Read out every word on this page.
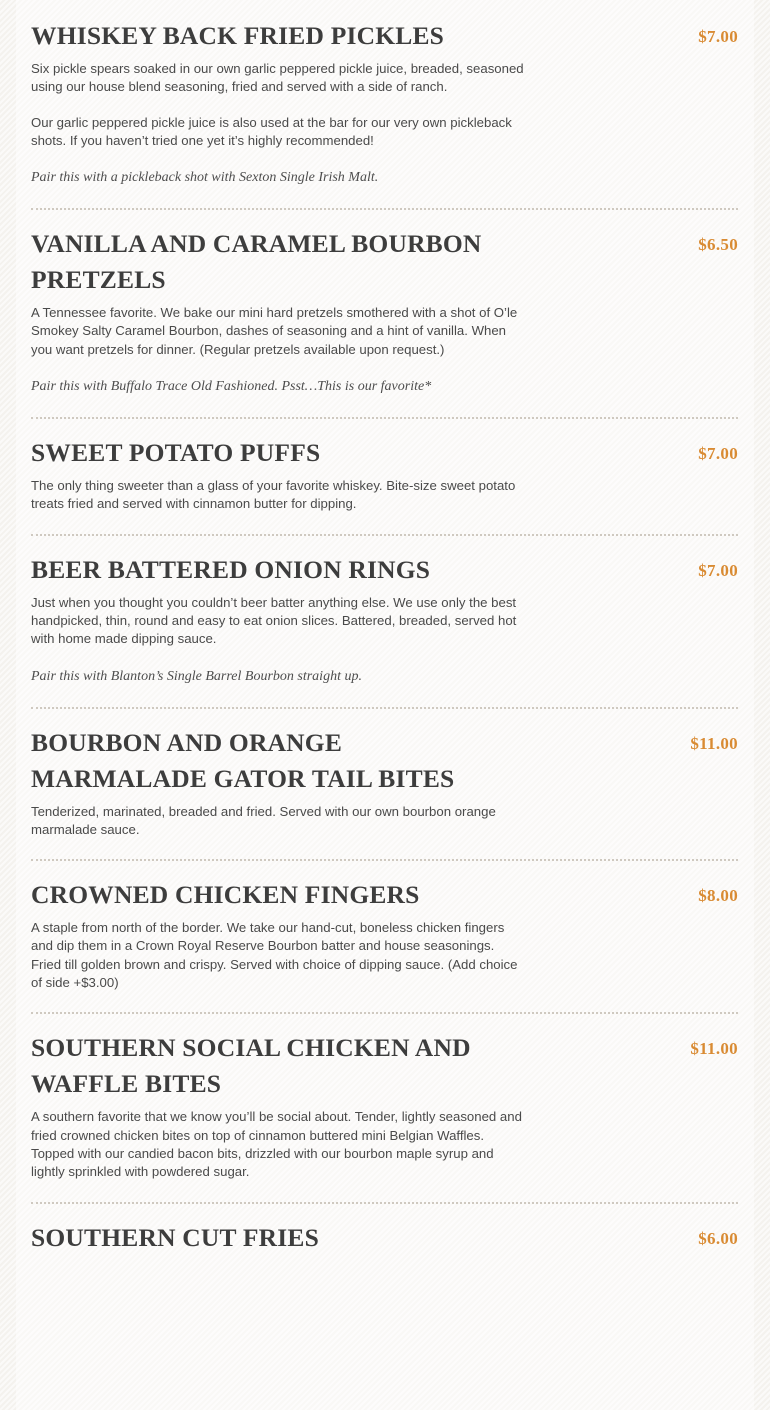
WHISKEY BACK FRIED PICKLES	$7.00

Six pickle spears soaked in our own garlic peppered pickle juice, breaded, seasoned using our house blend seasoning, fried and served with a side of ranch.

Our garlic peppered pickle juice is also used at the bar for our very own pickleback shots. If you haven’t tried one yet it’s highly recommended!

Pair this with a pickleback shot with Sexton Single Irish Malt.

VANILLA AND CARAMEL BOURBON PRETZELS
$6.50

A Tennessee favorite. We bake our mini hard pretzels smothered with a shot of O’le Smokey Salty Caramel Bourbon, dashes of seasoning and a hint of vanilla. When you want pretzels for dinner. (Regular pretzels available upon request.)

Pair this with Buffalo Trace Old Fashioned. Psst…This is our favorite*

SWEET POTATO PUFFS	$7.00

The only thing sweeter than a glass of your favorite whiskey. Bite-size sweet potato treats fried and served with cinnamon butter for dipping.

BEER BATTERED ONION RINGS	$7.00

Just when you thought you couldn’t beer batter anything else. We use only the best handpicked, thin, round and easy to eat onion slices. Battered, breaded, served hot with home made dipping sauce.

Pair this with Blanton’s Single Barrel Bourbon straight up.

BOURBON AND ORANGE MARMALADE GATOR TAIL BITES
$11.00

Tenderized, marinated, breaded and fried. Served with our own bourbon orange marmalade sauce.

CROWNED CHICKEN FINGERS	$8.00

A staple from north of the border. We take our hand-cut, boneless chicken fingers and dip them in a Crown Royal Reserve Bourbon batter and house seasonings. Fried till golden brown and crispy. Served with choice of dipping sauce. (Add choice of side +$3.00)

SOUTHERN SOCIAL CHICKEN AND WAFFLE BITES
$11.00

A southern favorite that we know you’ll be social about. Tender, lightly seasoned and fried crowned chicken bites on top of cinnamon buttered mini Belgian Waffles. Topped with our candied bacon bits, drizzled with our bourbon maple syrup and lightly sprinkled with powdered sugar.

SOUTHERN CUT FRIES	$6.00
